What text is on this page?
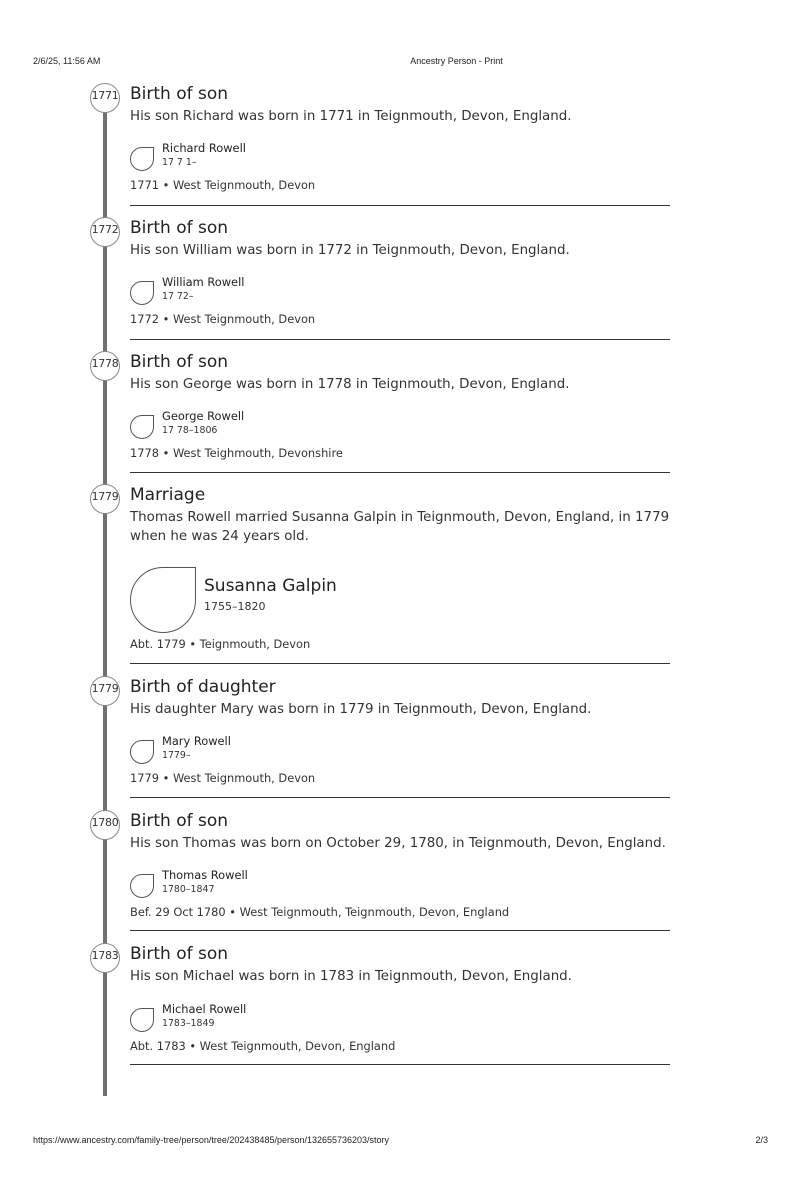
2/6/25, 11:56 AM	Ancestry Person - Print
1771 Birth of son
His son Richard was born in 1771 in Teignmouth, Devon, England.
Richard Rowell
17 7 1–
1771 • West Teignmouth, Devon
1772 Birth of son
His son William was born in 1772 in Teignmouth, Devon, England.
William Rowell
17 72–
1772 • West Teignmouth, Devon
1778 Birth of son
His son George was born in 1778 in Teignmouth, Devon, England.
George Rowell
17 78–1806
1778 • West Teighmouth, Devonshire
1779 Marriage
Thomas Rowell married Susanna Galpin in Teignmouth, Devon, England, in 1779 when he was 24 years old.
Susanna Galpin
1755–1820
Abt. 1779 • Teignmouth, Devon
1779 Birth of daughter
His daughter Mary was born in 1779 in Teignmouth, Devon, England.
Mary Rowell
1779–
1779 • West Teignmouth, Devon
1780 Birth of son
His son Thomas was born on October 29, 1780, in Teignmouth, Devon, England.
Thomas Rowell
1780–1847
Bef. 29 Oct 1780 • West Teignmouth, Teignmouth, Devon, England
1783 Birth of son
His son Michael was born in 1783 in Teignmouth, Devon, England.
Michael Rowell
1783–1849
Abt. 1783 • West Teignmouth, Devon, England
https://www.ancestry.com/family-tree/person/tree/202438485/person/132655736203/story	2/3
